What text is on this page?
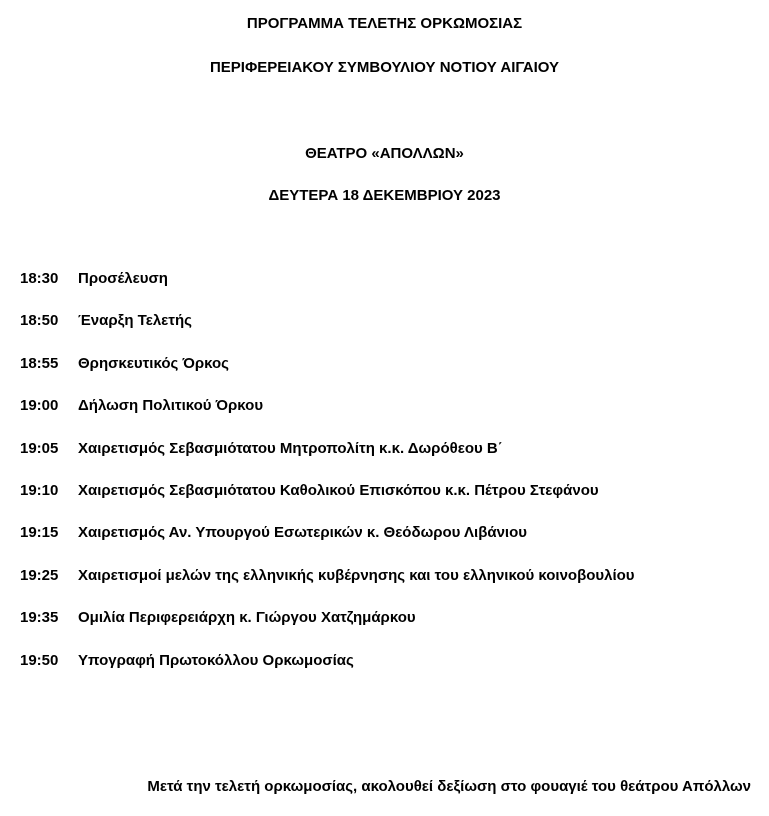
ΠΡΟΓΡΑΜΜΑ ΤΕΛΕΤΗΣ ΟΡΚΩΜΟΣΙΑΣ
ΠΕΡΙΦΕΡΕΙΑΚΟΥ ΣΥΜΒΟΥΛΙΟΥ ΝΟΤΙΟΥ ΑΙΓΑΙΟΥ
ΘΕΑΤΡΟ «ΑΠΟΛΛΩΝ»
ΔΕΥΤΕΡΑ 18 ΔΕΚΕΜΒΡΙΟΥ 2023
18:30	Προσέλευση
18:50	Έναρξη Τελετής
18:55	Θρησκευτικός Όρκος
19:00	Δήλωση Πολιτικού Όρκου
19:05	Χαιρετισμός Σεβασμιότατου Μητροπολίτη κ.κ. Δωρόθεου Β΄
19:10	Χαιρετισμός Σεβασμιότατου Καθολικού Επισκόπου κ.κ. Πέτρου Στεφάνου
19:15	Χαιρετισμός Αν. Υπουργού Εσωτερικών κ. Θεόδωρου Λιβάνιου
19:25	Χαιρετισμοί μελών της ελληνικής κυβέρνησης και του ελληνικού κοινοβουλίου
19:35	Ομιλία Περιφερειάρχη κ. Γιώργου Χατζημάρκου
19:50	Υπογραφή Πρωτοκόλλου Ορκωμοσίας
Μετά την τελετή ορκωμοσίας, ακολουθεί δεξίωση στο φουαγιέ του θεάτρου Απόλλων
